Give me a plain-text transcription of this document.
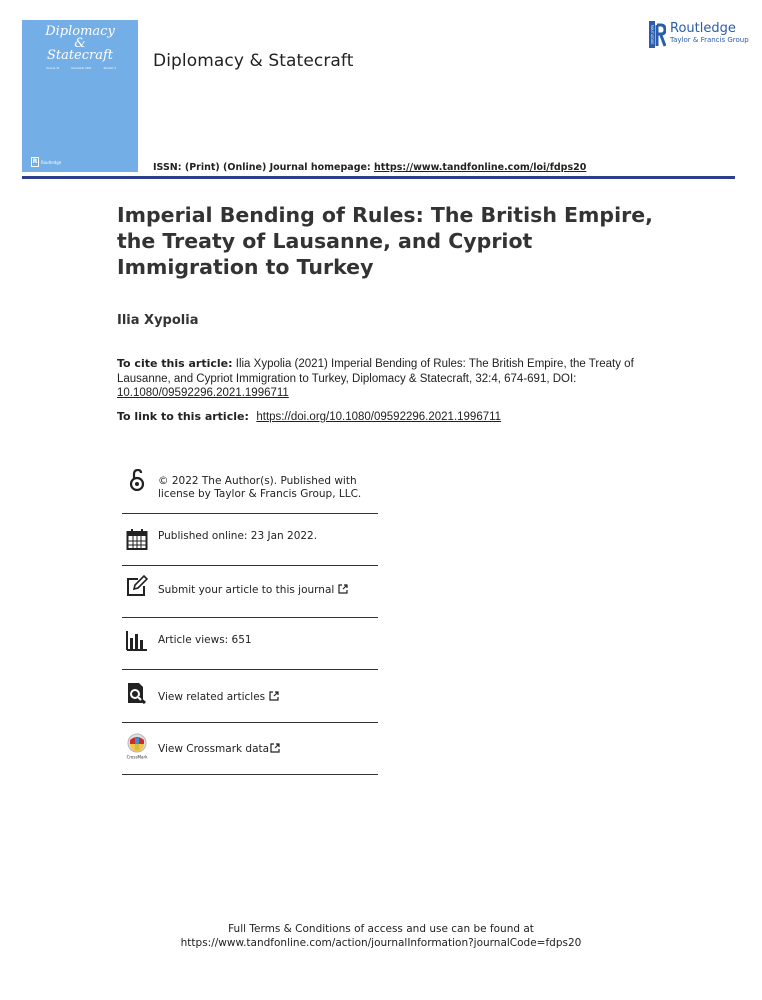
Diplomacy
&
Statecraft
Volume 32	December 2021	Number 4
R Routledge
Diplomacy & Statecraft
ROUTLEDGE Routledge
Taylor & Francis Group
ISSN: (Print) (Online) Journal homepage: https://www.tandfonline.com/loi/fdps20
Imperial Bending of Rules: The British Empire, the Treaty of Lausanne, and Cypriot Immigration to Turkey
Ilia Xypolia
To cite this article: Ilia Xypolia (2021) Imperial Bending of Rules: The British Empire, the Treaty of Lausanne, and Cypriot Immigration to Turkey, Diplomacy & Statecraft, 32:4, 674-691, DOI: 10.1080/09592296.2021.1996711
To link to this article: https://doi.org/10.1080/09592296.2021.1996711
© 2022 The Author(s). Published with license by Taylor & Francis Group, LLC.
Published online: 23 Jan 2022.
Submit your article to this journal
Article views: 651
View related articles
CrossMark
View Crossmark data
Full Terms & Conditions of access and use can be found at
https://www.tandfonline.com/action/journalInformation?journalCode=fdps20
